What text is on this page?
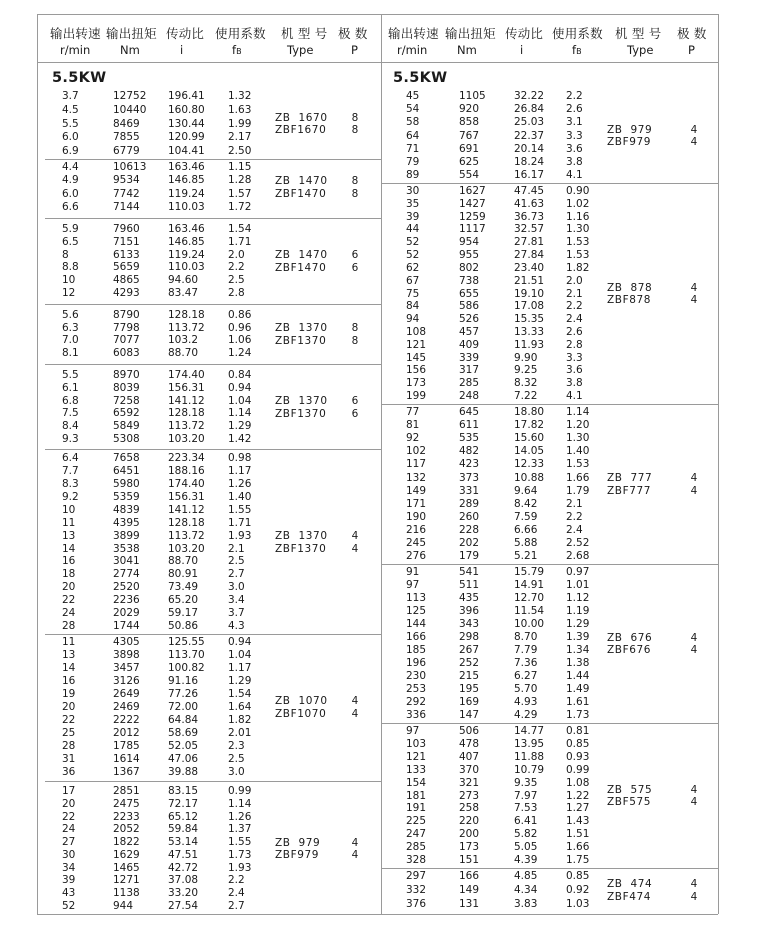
输出转速 输出扭矩 传动比 使用系数 机 型 号 极 数
r/min	Nm	i	fB	Type	P
5.5KW
3.7	12752 196.41 1.32
4.5	10440 160.80 1.63
5.5	8469	130.44 1.99
6.0	7855	120.99 2.17
6.9	6779	104.41 2.50
ZB  1670	8
ZBF1670	8
4.4	10613 163.46 1.15
4.9	9534	146.85 1.28
6.0	7742	119.24 1.57
6.6	7144	110.03 1.72
ZB  1470	8
ZBF1470	8
5.9	7960	163.46 1.54
6.5	7151	146.85 1.71
8	6133	119.24 2.0
8.8	5659	110.03 2.2
10	4865	94.60	2.5
12	4293	83.47	2.8
ZB  1470	6
ZBF1470	6
5.6	8790	128.18 0.86
6.3	7798	113.72 0.96
7.0	7077	103.2	1.06
8.1	6083	88.70	1.24
ZB  1370	8
ZBF1370	8
5.5	8970	174.40 0.84
6.1	8039	156.31 0.94
6.8	7258	141.12 1.04
7.5	6592	128.18 1.14
8.4	5849	113.72 1.29
9.3	5308	103.20 1.42
ZB  1370	6
ZBF1370	6
6.4	7658	223.34 0.98
7.7	6451	188.16 1.17
8.3	5980	174.40 1.26
9.2	5359	156.31 1.40
10	4839	141.12 1.55
11	4395	128.18 1.71
13	3899	113.72 1.93
14	3538	103.20 2.1
16	3041	88.70	2.5
18	2774	80.91	2.7
20	2520	73.49	3.0
22	2236	65.20	3.4
24	2029	59.17	3.7
28	1744	50.86	4.3
ZB  1370	4
ZBF1370	4
11	4305	125.55 0.94
13	3898	113.70 1.04
14	3457	100.82 1.17
16	3126	91.16	1.29
19	2649	77.26	1.54
20	2469	72.00	1.64
22	2222	64.84	1.82
25	2012	58.69	2.01
28	1785	52.05	2.3
31	1614	47.06	2.5
36	1367	39.88	3.0
ZB  1070	4
ZBF1070	4
17	2851	83.15	0.99
20	2475	72.17	1.14
22	2233	65.12	1.26
24	2052	59.84	1.37
27	1822	53.14	1.55
30	1629	47.51	1.73
34	1465	42.72	1.93
39	1271	37.08	2.2
43	1138	33.20	2.4
52	944	27.54	2.7
ZB  979	4
ZBF979	4
输出转速 输出扭矩 传动比 使用系数 机 型 号 极 数
r/min	Nm	i	fB	Type	P
5.5KW
45	1105	32.22 2.2
54	920	26.84 2.6
58	858	25.03 3.1
64	767	22.37 3.3
71	691	20.14 3.6
79	625	18.24 3.8
89	554	16.17 4.1
ZB  979	4
ZBF979	4
30	1627	47.45 0.90
35	1427	41.63 1.02
39	1259	36.73 1.16
44	1117	32.57 1.30
52	954	27.81 1.53
52	955	27.84 1.53
62	802	23.40 1.82
67	738	21.51 2.0
75	655	19.10 2.1
84	586	17.08 2.2
94	526	15.35 2.4
108	457	13.33 2.6
121	409	11.93 2.8
145	339	9.90	3.3
156	317	9.25	3.6
173	285	8.32	3.8
199	248	7.22	4.1
ZB  878	4
ZBF878	4
77	645	18.80 1.14
81	611	17.82 1.20
92	535	15.60 1.30
102	482	14.05 1.40
117	423	12.33 1.53
132	373	10.88 1.66
149	331	9.64	1.79
171	289	8.42	2.1
190	260	7.59	2.2
216	228	6.66	2.4
245	202	5.88	2.52
276	179	5.21	2.68
ZB  777	4
ZBF777	4
91	541	15.79 0.97
97	511	14.91 1.01
113	435	12.70 1.12
125	396	11.54 1.19
144	343	10.00 1.29
166	298	8.70	1.39
185	267	7.79	1.34
196	252	7.36	1.38
230	215	6.27	1.44
253	195	5.70	1.49
292	169	4.93	1.61
336	147	4.29	1.73
ZB  676	4
ZBF676	4
97	506	14.77 0.81
103	478	13.95 0.85
121	407	11.88 0.93
133	370	10.79 0.99
154	321	9.35	1.08
181	273	7.97	1.22
191	258	7.53	1.27
225	220	6.41	1.43
247	200	5.82	1.51
285	173	5.05	1.66
328	151	4.39	1.75
ZB  575	4
ZBF575	4
297	166	4.85	0.85
332	149	4.34	0.92
376	131	3.83	1.03
ZB  474	4
ZBF474	4
